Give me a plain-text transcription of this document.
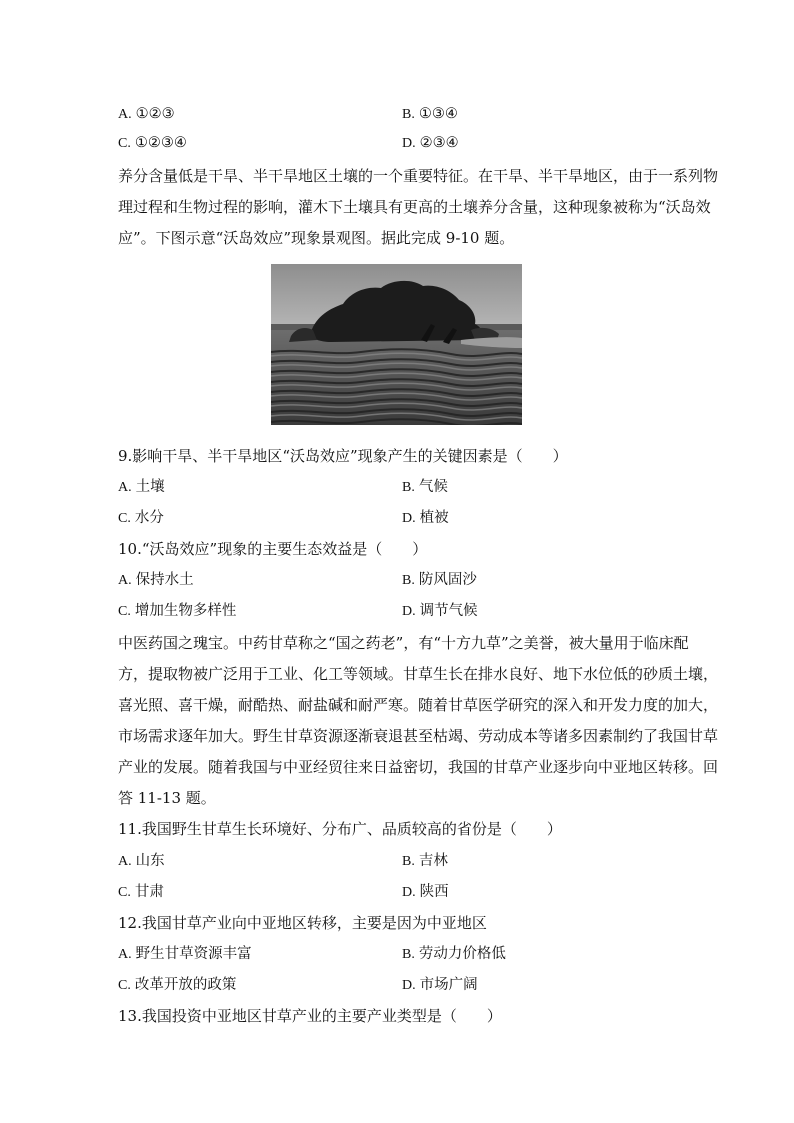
A. ①②③	B. ①③④
C. ①②③④	D. ②③④
养分含量低是干旱、半干旱地区土壤的一个重要特征。在干旱、半干旱地区，由于一系列物
理过程和生物过程的影响，灌木下土壤具有更高的土壤养分含量，这种现象被称为“沃岛效
应”。下图示意“沃岛效应”现象景观图。据此完成 9-10 题。
9.影响干旱、半干旱地区“沃岛效应”现象产生的关键因素是（　　）
A. 土壤	B. 气候
C. 水分	D. 植被
10.“沃岛效应”现象的主要生态效益是（　　）
A. 保持水土	B. 防风固沙
C. 增加生物多样性	D. 调节气候
中医药国之瑰宝。中药甘草称之“国之药老”，有“十方九草”之美誉，被大量用于临床配
方，提取物被广泛用于工业、化工等领域。甘草生长在排水良好、地下水位低的砂质土壤，
喜光照、喜干燥，耐酷热、耐盐碱和耐严寒。随着甘草医学研究的深入和开发力度的加大，
市场需求逐年加大。野生甘草资源逐渐衰退甚至枯竭、劳动成本等诸多因素制约了我国甘草
产业的发展。随着我国与中亚经贸往来日益密切，我国的甘草产业逐步向中亚地区转移。回
答 11-13 题。
11.我国野生甘草生长环境好、分布广、品质较高的省份是（　　）
A. 山东	B. 吉林
C. 甘肃	D. 陕西
12.我国甘草产业向中亚地区转移，主要是因为中亚地区
A. 野生甘草资源丰富	B. 劳动力价格低
C. 改革开放的政策	D. 市场广阔
13.我国投资中亚地区甘草产业的主要产业类型是（　　）
